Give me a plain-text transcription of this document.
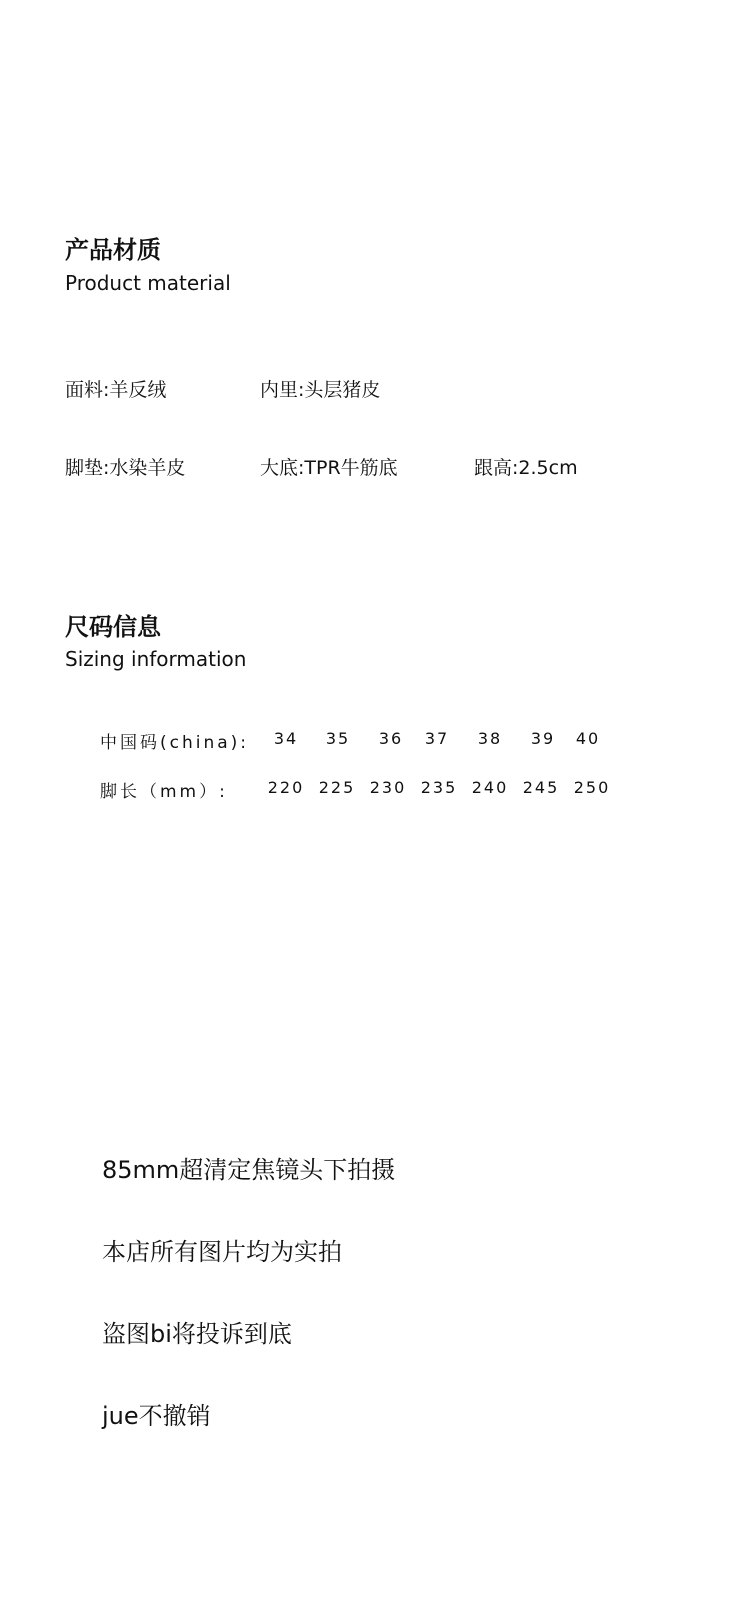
产品材质
Product material
面料:羊反绒	内里:头层猪皮
脚垫:水染羊皮	大底:TPR牛筋底	跟高:2.5cm
尺码信息
Sizing information
中国码(china):	34	35	36	37	38	39	40
脚长（mm）:	220 225 230 235 240 245 250
85mm超清定焦镜头下拍摄
本店所有图片均为实拍
盗图bi将投诉到底
jue不撤销
